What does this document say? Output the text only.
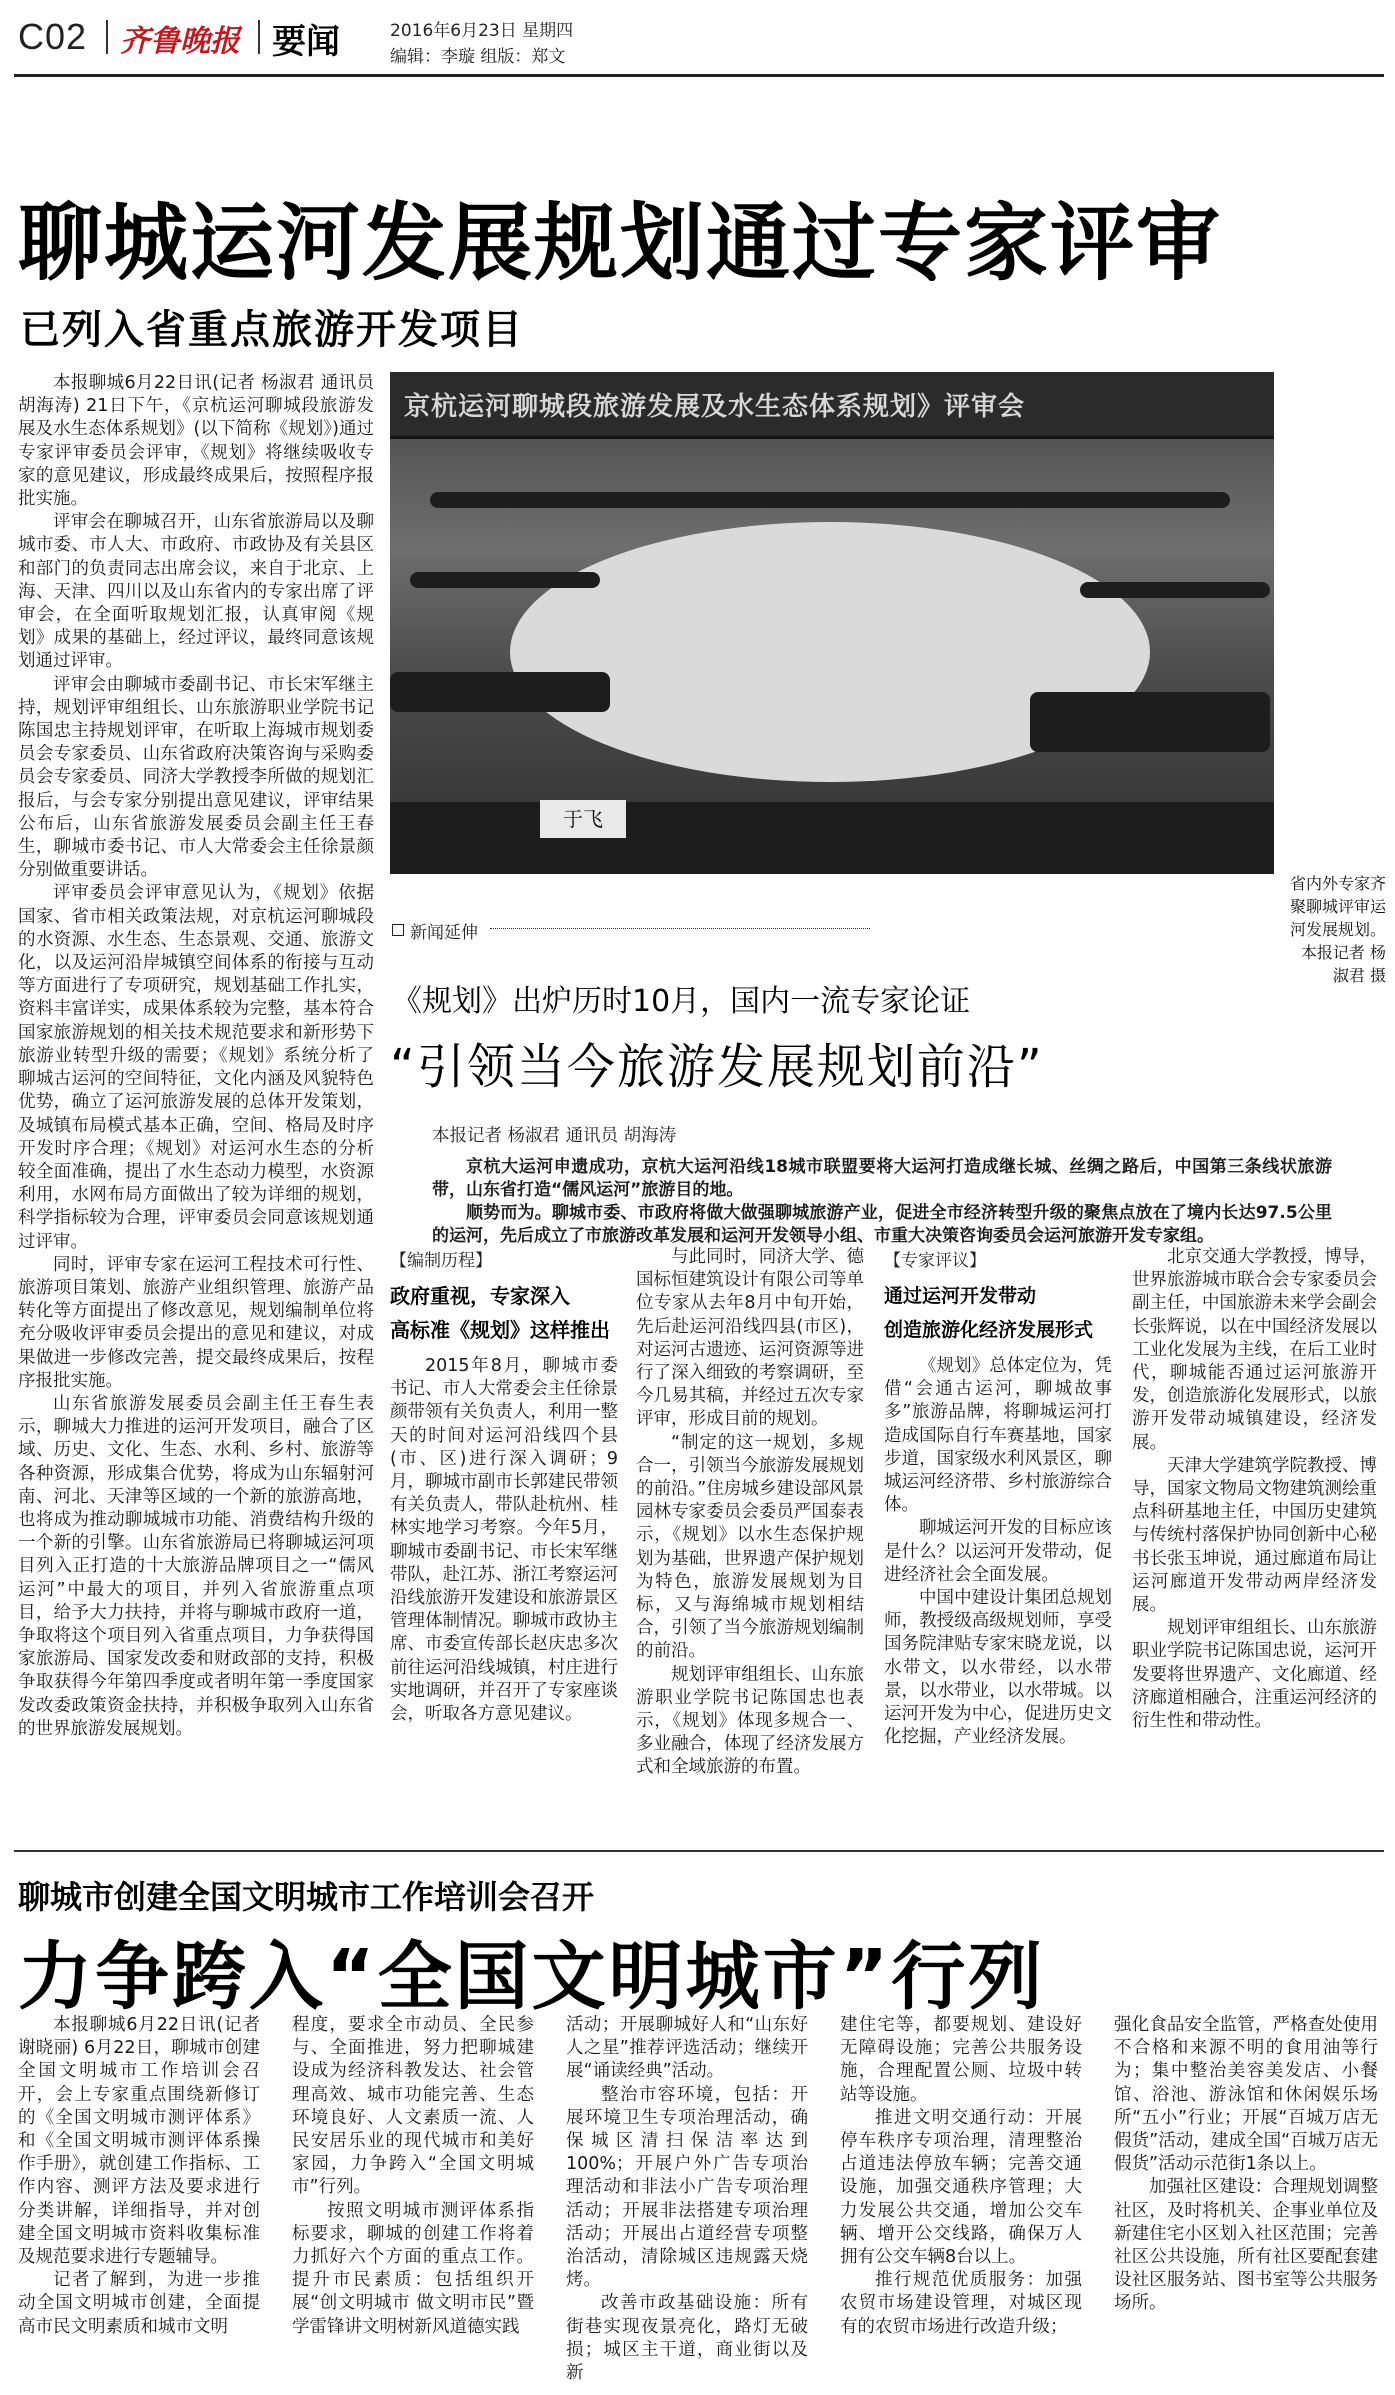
C02 齐鲁晚报 要闻	2016年6月23日 星期四
编辑：李璇 组版：郑文
聊城运河发展规划通过专家评审
已列入省重点旅游开发项目

本报聊城6月22日讯(记者 杨淑君 通讯员 胡海涛) 21日下午，《京杭运河聊城段旅游发展及水生态体系规划》(以下简称《规划》)通过专家评审委员会评审，《规划》将继续吸收专家的意见建议，形成最终成果后，按照程序报批实施。

评审会在聊城召开，山东省旅游局以及聊城市委、市人大、市政府、市政协及有关县区和部门的负责同志出席会议，来自于北京、上海、天津、四川以及山东省内的专家出席了评审会，在全面听取规划汇报，认真审阅《规划》成果的基础上，经过评议，最终同意该规划通过评审。

评审会由聊城市委副书记、市长宋军继主持，规划评审组组长、山东旅游职业学院书记陈国忠主持规划评审，在听取上海城市规划委员会专家委员、山东省政府决策咨询与采购委员会专家委员、同济大学教授李所做的规划汇报后，与会专家分别提出意见建议，评审结果公布后，山东省旅游发展委员会副主任王春生，聊城市委书记、市人大常委会主任徐景颜分别做重要讲话。

评审委员会评审意见认为，《规划》依据国家、省市相关政策法规，对京杭运河聊城段的水资源、水生态、生态景观、交通、旅游文化，以及运河沿岸城镇空间体系的衔接与互动等方面进行了专项研究，规划基础工作扎实，资料丰富详实，成果体系较为完整，基本符合国家旅游规划的相关技术规范要求和新形势下旅游业转型升级的需要；《规划》系统分析了聊城古运河的空间特征，文化内涵及风貌特色优势，确立了运河旅游发展的总体开发策划，及城镇布局模式基本正确，空间、格局及时序开发时序合理；《规划》对运河水生态的分析较全面准确，提出了水生态动力模型，水资源利用，水网布局方面做出了较为详细的规划，科学指标较为合理，评审委员会同意该规划通过评审。

同时，评审专家在运河工程技术可行性、旅游项目策划、旅游产业组织管理、旅游产品转化等方面提出了修改意见，规划编制单位将充分吸收评审委员会提出的意见和建议，对成果做进一步修改完善，提交最终成果后，按程序报批实施。

山东省旅游发展委员会副主任王春生表示，聊城大力推进的运河开发项目，融合了区域、历史、文化、生态、水利、乡村、旅游等各种资源，形成集合优势，将成为山东辐射河南、河北、天津等区域的一个新的旅游高地，也将成为推动聊城城市功能、消费结构升级的一个新的引擎。山东省旅游局已将聊城运河项目列入正打造的十大旅游品牌项目之一“儒风运河”中最大的项目，并列入省旅游重点项目，给予大力扶持，并将与聊城市政府一道，争取将这个项目列入省重点项目，力争获得国家旅游局、国家发改委和财政部的支持，积极争取获得今年第四季度或者明年第一季度国家发改委政策资金扶持，并积极争取列入山东省的世界旅游发展规划。

京杭运河聊城段旅游发展及水生态体系规划》评审会
于飞
省内外专家齐聚聊城评审运河发展规划。本报记者 杨淑君 摄
新闻延伸
《规划》出炉历时10月，国内一流专家论证
“引领当今旅游发展规划前沿”
本报记者 杨淑君 通讯员 胡海涛

京杭大运河申遗成功，京杭大运河沿线18城市联盟要将大运河打造成继长城、丝绸之路后，中国第三条线状旅游带，山东省打造“儒风运河”旅游目的地。

顺势而为。聊城市委、市政府将做大做强聊城旅游产业，促进全市经济转型升级的聚焦点放在了境内长达97.5公里的运河，先后成立了市旅游改革发展和运河开发领导小组、市重大决策咨询委员会运河旅游开发专家组。

【编制历程】
政府重视，专家深入
高标准《规划》这样推出

2015年8月，聊城市委书记、市人大常委会主任徐景颜带领有关负责人，利用一整天的时间对运河沿线四个县(市、区)进行深入调研；9月，聊城市副市长郭建民带领有关负责人，带队赴杭州、桂林实地学习考察。今年5月，聊城市委副书记、市长宋军继带队，赴江苏、浙江考察运河沿线旅游开发建设和旅游景区管理体制情况。聊城市政协主席、市委宣传部长赵庆忠多次前往运河沿线城镇，村庄进行实地调研，并召开了专家座谈会，听取各方意见建议。

与此同时，同济大学、德国标恒建筑设计有限公司等单位专家从去年8月中旬开始，先后赴运河沿线四县(市区)，对运河古遗迹、运河资源等进行了深入细致的考察调研，至今几易其稿，并经过五次专家评审，形成目前的规划。

“制定的这一规划，多规合一，引领当今旅游发展规划的前沿。”住房城乡建设部风景园林专家委员会委员严国泰表示，《规划》以水生态保护规划为基础，世界遗产保护规划为特色，旅游发展规划为目标，又与海绵城市规划相结合，引领了当今旅游规划编制的前沿。

规划评审组组长、山东旅游职业学院书记陈国忠也表示，《规划》体现多规合一、多业融合，体现了经济发展方式和全域旅游的布置。

【专家评议】
通过运河开发带动
创造旅游化经济发展形式

《规划》总体定位为，凭借“会通古运河，聊城故事多”旅游品牌，将聊城运河打造成国际自行车赛基地，国家步道，国家级水利风景区，聊城运河经济带、乡村旅游综合体。

聊城运河开发的目标应该是什么？以运河开发带动，促进经济社会全面发展。

中国中建设计集团总规划师，教授级高级规划师，享受国务院津贴专家宋晓龙说，以水带文，以水带经，以水带景，以水带业，以水带城。以运河开发为中心，促进历史文化挖掘，产业经济发展。

北京交通大学教授，博导，世界旅游城市联合会专家委员会副主任，中国旅游未来学会副会长张辉说，以在中国经济发展以工业化发展为主线，在后工业时代，聊城能否通过运河旅游开发，创造旅游化发展形式，以旅游开发带动城镇建设，经济发展。

天津大学建筑学院教授、博导，国家文物局文物建筑测绘重点科研基地主任，中国历史建筑与传统村落保护协同创新中心秘书长张玉坤说，通过廊道布局让运河廊道开发带动两岸经济发展。

规划评审组组长、山东旅游职业学院书记陈国忠说，运河开发要将世界遗产、文化廊道、经济廊道相融合，注重运河经济的衍生性和带动性。

聊城市创建全国文明城市工作培训会召开
力争跨入“全国文明城市”行列

本报聊城6月22日讯(记者 谢晓丽) 6月22日，聊城市创建全国文明城市工作培训会召开，会上专家重点围绕新修订的《全国文明城市测评体系》和《全国文明城市测评体系操作手册》，就创建工作指标、工作内容、测评方法及要求进行分类讲解，详细指导，并对创建全国文明城市资料收集标准及规范要求进行专题辅导。

记者了解到，为进一步推动全国文明城市创建，全面提高市民文明素质和城市文明

程度，要求全市动员、全民参与、全面推进，努力把聊城建设成为经济科教发达、社会管理高效、城市功能完善、生态环境良好、人文素质一流、人民安居乐业的现代城市和美好家园，力争跨入“全国文明城市”行列。

按照文明城市测评体系指标要求，聊城的创建工作将着力抓好六个方面的重点工作。提升市民素质：包括组织开展“创文明城市 做文明市民”暨学雷锋讲文明树新风道德实践

活动；开展聊城好人和“山东好人之星”推荐评选活动；继续开展“诵读经典”活动。

整治市容环境，包括：开展环境卫生专项治理活动，确保城区清扫保洁率达到100%；开展户外广告专项治理活动和非法小广告专项治理活动；开展非法搭建专项治理活动；开展出占道经营专项整治活动，清除城区违规露天烧烤。

改善市政基础设施：所有街巷实现夜景亮化，路灯无破损；城区主干道，商业街以及新

建住宅等，都要规划、建设好无障碍设施；完善公共服务设施，合理配置公厕、垃圾中转站等设施。

推进文明交通行动：开展停车秩序专项治理，清理整治占道违法停放车辆；完善交通设施，加强交通秩序管理；大力发展公共交通，增加公交车辆、增开公交线路，确保万人拥有公交车辆8台以上。

推行规范优质服务：加强农贸市场建设管理，对城区现有的农贸市场进行改造升级；

强化食品安全监管，严格查处使用不合格和来源不明的食用油等行为；集中整治美容美发店、小餐馆、浴池、游泳馆和休闲娱乐场所“五小”行业；开展“百城万店无假货”活动，建成全国“百城万店无假货”活动示范街1条以上。

加强社区建设：合理规划调整社区，及时将机关、企事业单位及新建住宅小区划入社区范围；完善社区公共设施，所有社区要配套建设社区服务站、图书室等公共服务场所。
